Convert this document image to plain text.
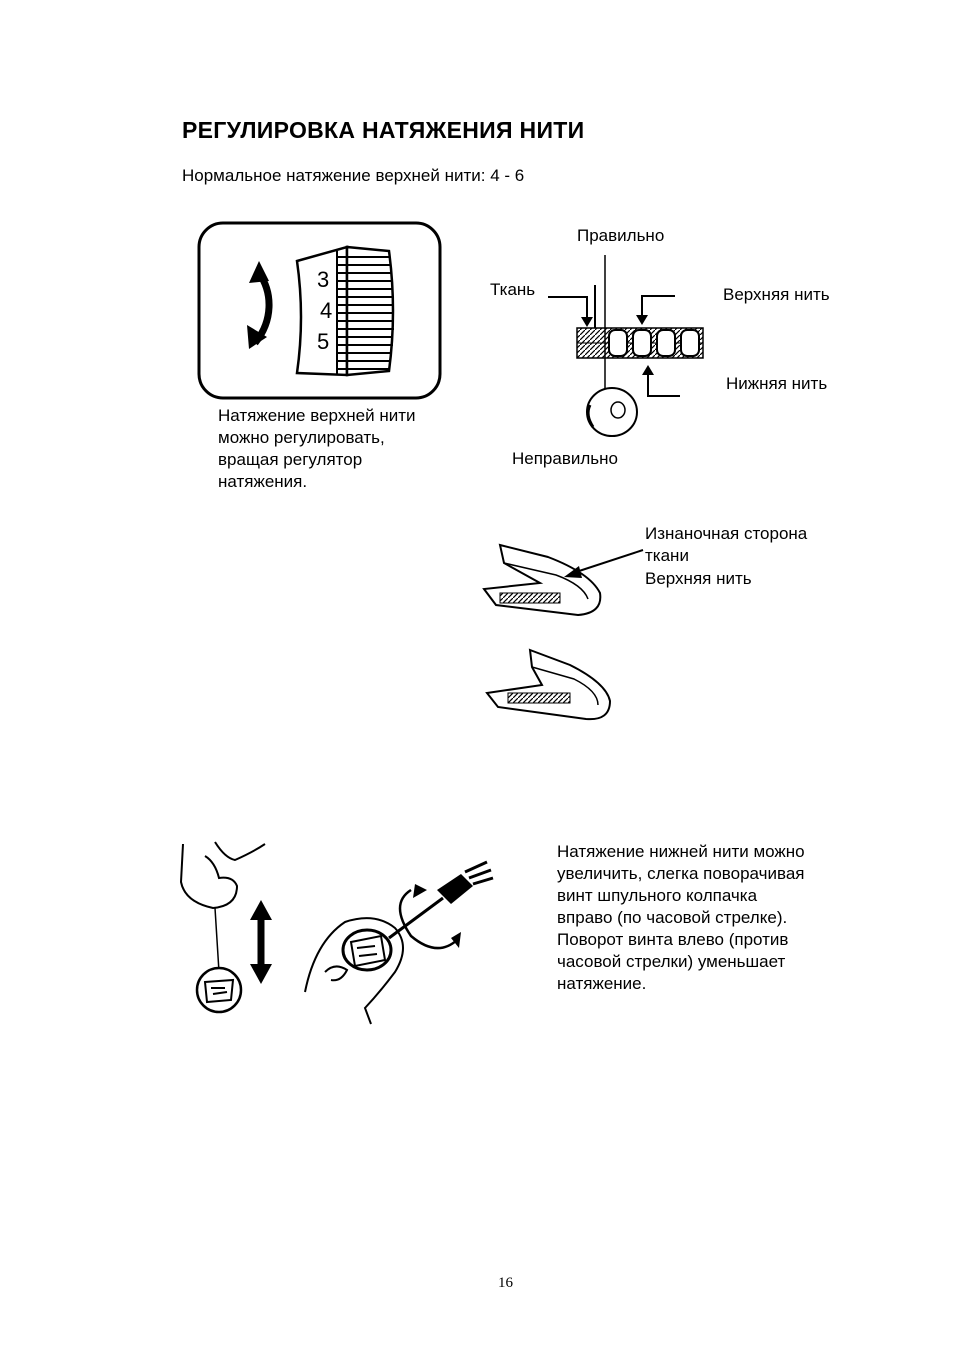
РЕГУЛИРОВКА НАТЯЖЕНИЯ НИТИ
Нормальное натяжение верхней нити: 4 - 6
3
4
5
Натяжение верхней нити
можно регулировать,
вращая регулятор
натяжения.
Правильно
Ткань	Верхняя нить
Нижняя нить
Неправильно
Изнаночная сторона
ткани
Верхняя нить
Натяжение нижней нити можно
увеличить, слегка поворачивая
винт шпульного колпачка
вправо (по часовой стрелке).
Поворот винта влево (против
часовой стрелки) уменьшает
натяжение.
16
